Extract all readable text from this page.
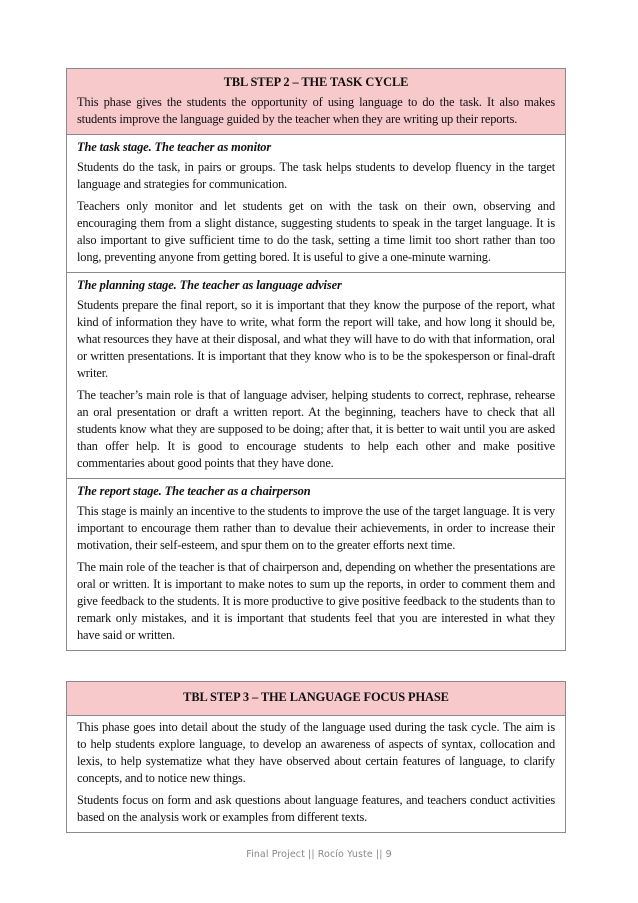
TBL STEP 2 – THE TASK CYCLE

This phase gives the students the opportunity of using language to do the task. It also makes students improve the language guided by the teacher when they are writing up their reports.

The task stage. The teacher as monitor

Students do the task, in pairs or groups. The task helps students to develop fluency in the target language and strategies for communication.

Teachers only monitor and let students get on with the task on their own, observing and encouraging them from a slight distance, suggesting students to speak in the target language. It is also important to give sufficient time to do the task, setting a time limit too short rather than too long, preventing anyone from getting bored. It is useful to give a one-minute warning.

The planning stage. The teacher as language adviser

Students prepare the final report, so it is important that they know the purpose of the report, what kind of information they have to write, what form the report will take, and how long it should be, what resources they have at their disposal, and what they will have to do with that information, oral or written presentations. It is important that they know who is to be the spokesperson or final-draft writer.

The teacher’s main role is that of language adviser, helping students to correct, rephrase, rehearse an oral presentation or draft a written report. At the beginning, teachers have to check that all students know what they are supposed to be doing; after that, it is better to wait until you are asked than offer help. It is good to encourage students to help each other and make positive commentaries about good points that they have done.

The report stage. The teacher as a chairperson

This stage is mainly an incentive to the students to improve the use of the target language. It is very important to encourage them rather than to devalue their achievements, in order to increase their motivation, their self-esteem, and spur them on to the greater efforts next time.

The main role of the teacher is that of chairperson and, depending on whether the presentations are oral or written. It is important to make notes to sum up the reports, in order to comment them and give feedback to the students. It is more productive to give positive feedback to the students than to remark only mistakes, and it is important that students feel that you are interested in what they have said or written.

TBL STEP 3 – THE LANGUAGE FOCUS PHASE

This phase goes into detail about the study of the language used during the task cycle. The aim is to help students explore language, to develop an awareness of aspects of syntax, collocation and lexis, to help systematize what they have observed about certain features of language, to clarify concepts, and to notice new things.

Students focus on form and ask questions about language features, and teachers conduct activities based on the analysis work or examples from different texts.

Final Project || Rocío Yuste || 9
